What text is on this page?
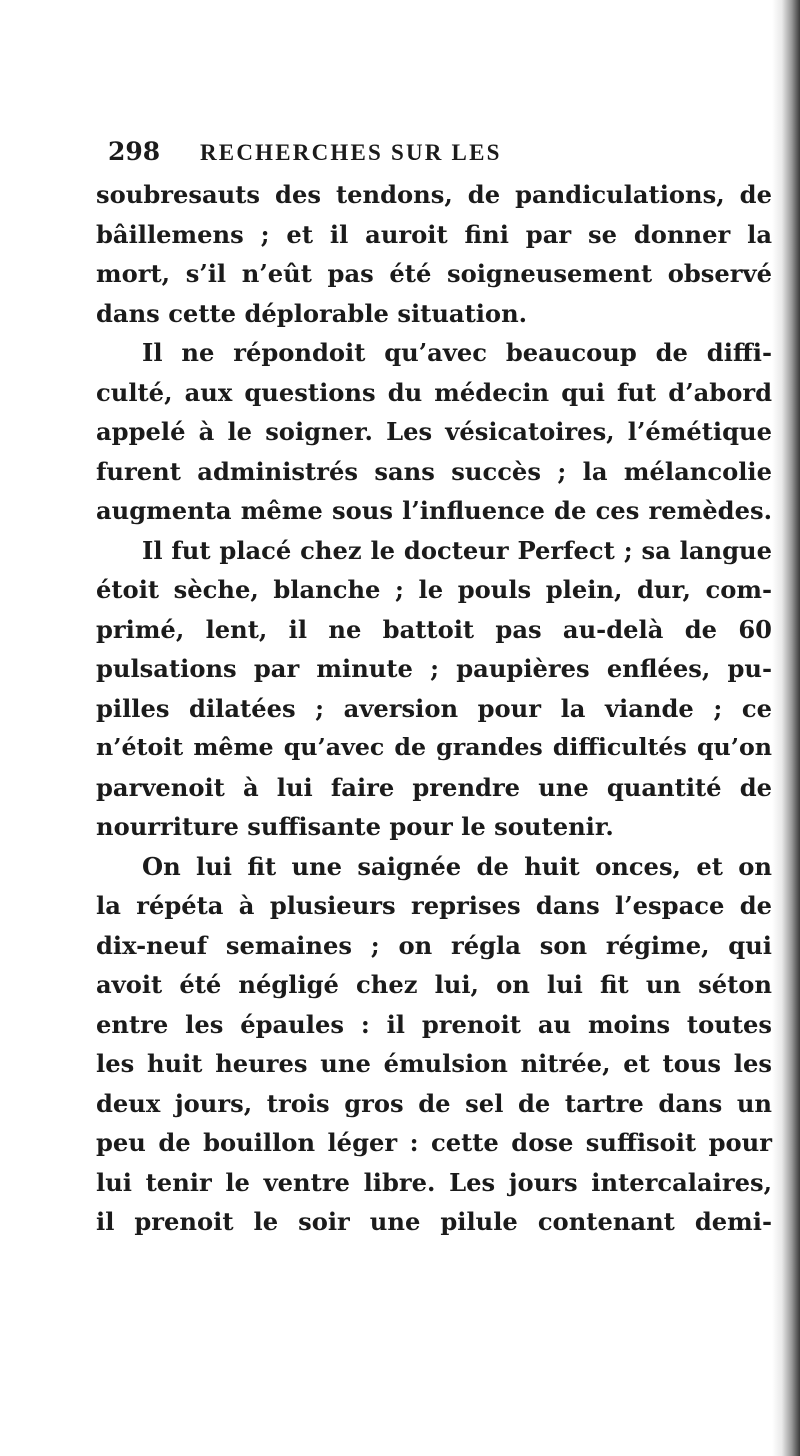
298	RECHERCHES SUR LES
soubresauts des tendons, de pandiculations, de
bâillemens ; et il auroit fini par se donner la
mort, s’il n’eût pas été soigneusement observé
dans cette déplorable situation.
Il ne répondoit qu’avec beaucoup de diffi-
culté, aux questions du médecin qui fut d’abord
appelé à le soigner. Les vésicatoires, l’émétique
furent administrés sans succès ; la mélancolie
augmenta même sous l’influence de ces remèdes.
Il fut placé chez le docteur Perfect ; sa langue
étoit sèche, blanche ; le pouls plein, dur, com-
primé, lent, il ne battoit pas au-delà de 60
pulsations par minute ; paupières enflées, pu-
pilles dilatées ; aversion pour la viande ; ce
n’étoit même qu’avec de grandes difficultés qu’on
parvenoit à lui faire prendre une quantité de
nourriture suffisante pour le soutenir.
On lui fit une saignée de huit onces, et on
la répéta à plusieurs reprises dans l’espace de
dix-neuf semaines ; on régla son régime, qui
avoit été négligé chez lui, on lui fit un séton
entre les épaules : il prenoit au moins toutes
les huit heures une émulsion nitrée, et tous les
deux jours, trois gros de sel de tartre dans un
peu de bouillon léger : cette dose suffisoit pour
lui tenir le ventre libre. Les jours intercalaires,
il prenoit le soir une pilule contenant demi-
